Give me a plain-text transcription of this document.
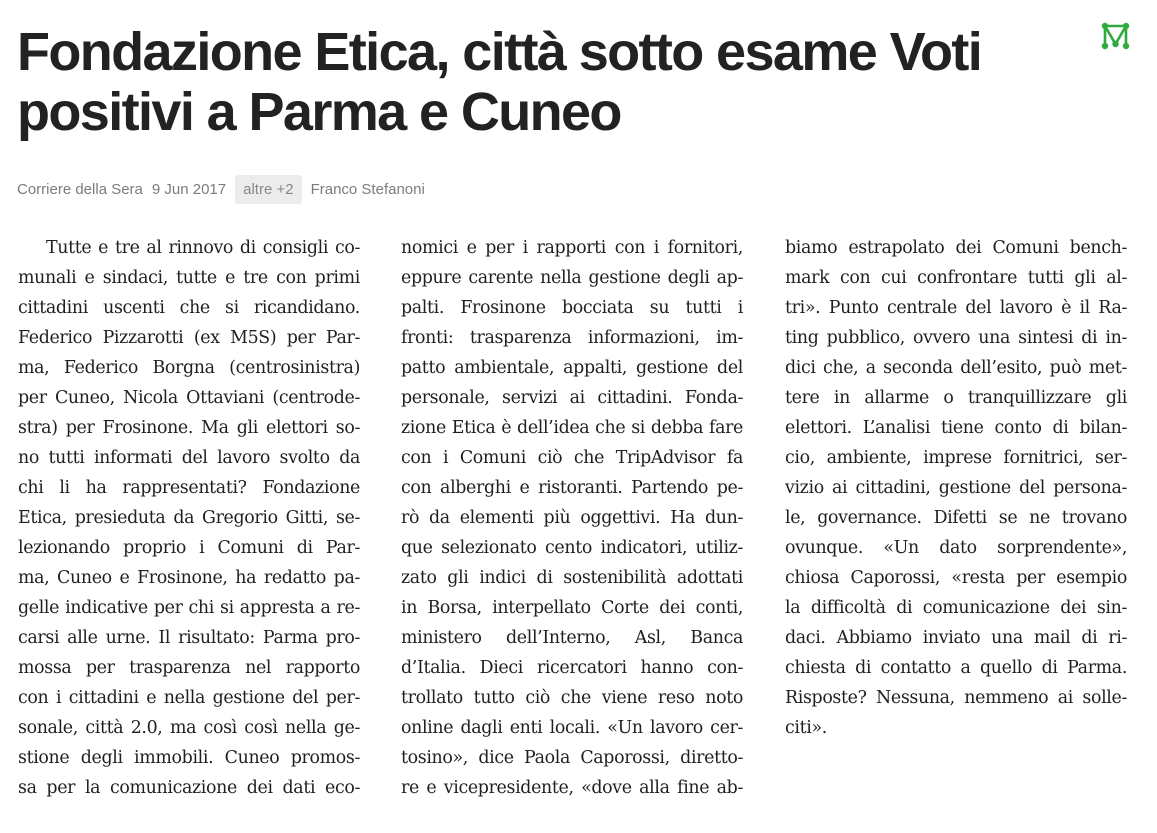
Fondazione Etica, città sotto esame Voti positivi a Parma e Cuneo
Corriere della Sera 9 Jun 2017	altre +2	Franco Stefanoni
Tutte e tre al rinnovo di consigli co-
munali e sindaci, tutte e tre con primi
cittadini uscenti che si ricandidano.
Federico Pizzarotti (ex M5S) per Par-
ma, Federico Borgna (centrosinistra)
per Cuneo, Nicola Ottaviani (centrode-
stra) per Frosinone. Ma gli elettori so-
no tutti informati del lavoro svolto da
chi li ha rappresentati? Fondazione
Etica, presieduta da Gregorio Gitti, se-
lezionando proprio i Comuni di Par-
ma, Cuneo e Frosinone, ha redatto pa-
gelle indicative per chi si appresta a re-
carsi alle urne. Il risultato: Parma pro-
mossa per trasparenza nel rapporto
con i cittadini e nella gestione del per-
sonale, città 2.0, ma così così nella ge-
stione degli immobili. Cuneo promos-
sa per la comunicazione dei dati eco-
nomici e per i rapporti con i fornitori,
eppure carente nella gestione degli ap-
palti. Frosinone bocciata su tutti i
fronti: trasparenza informazioni, im-
patto ambientale, appalti, gestione del
personale, servizi ai cittadini. Fonda-
zione Etica è dell’idea che si debba fare
con i Comuni ciò che TripAdvisor fa
con alberghi e ristoranti. Partendo pe-
rò da elementi più oggettivi. Ha dun-
que selezionato cento indicatori, utiliz-
zato gli indici di sostenibilità adottati
in Borsa, interpellato Corte dei conti,
ministero dell’Interno, Asl, Banca
d’Italia. Dieci ricercatori hanno con-
trollato tutto ciò che viene reso noto
online dagli enti locali. «Un lavoro cer-
tosino», dice Paola Caporossi, diretto-
re e vicepresidente, «dove alla fine ab-
biamo estrapolato dei Comuni bench-
mark con cui confrontare tutti gli al-
tri». Punto centrale del lavoro è il Ra-
ting pubblico, ovvero una sintesi di in-
dici che, a seconda dell’esito, può met-
tere in allarme o tranquillizzare gli
elettori. L’analisi tiene conto di bilan-
cio, ambiente, imprese fornitrici, ser-
vizio ai cittadini, gestione del persona-
le, governance. Difetti se ne trovano
ovunque. «Un dato sorprendente»,
chiosa Caporossi, «resta per esempio
la difficoltà di comunicazione dei sin-
daci. Abbiamo inviato una mail di ri-
chiesta di contatto a quello di Parma.
Risposte? Nessuna, nemmeno ai solle-
citi».
